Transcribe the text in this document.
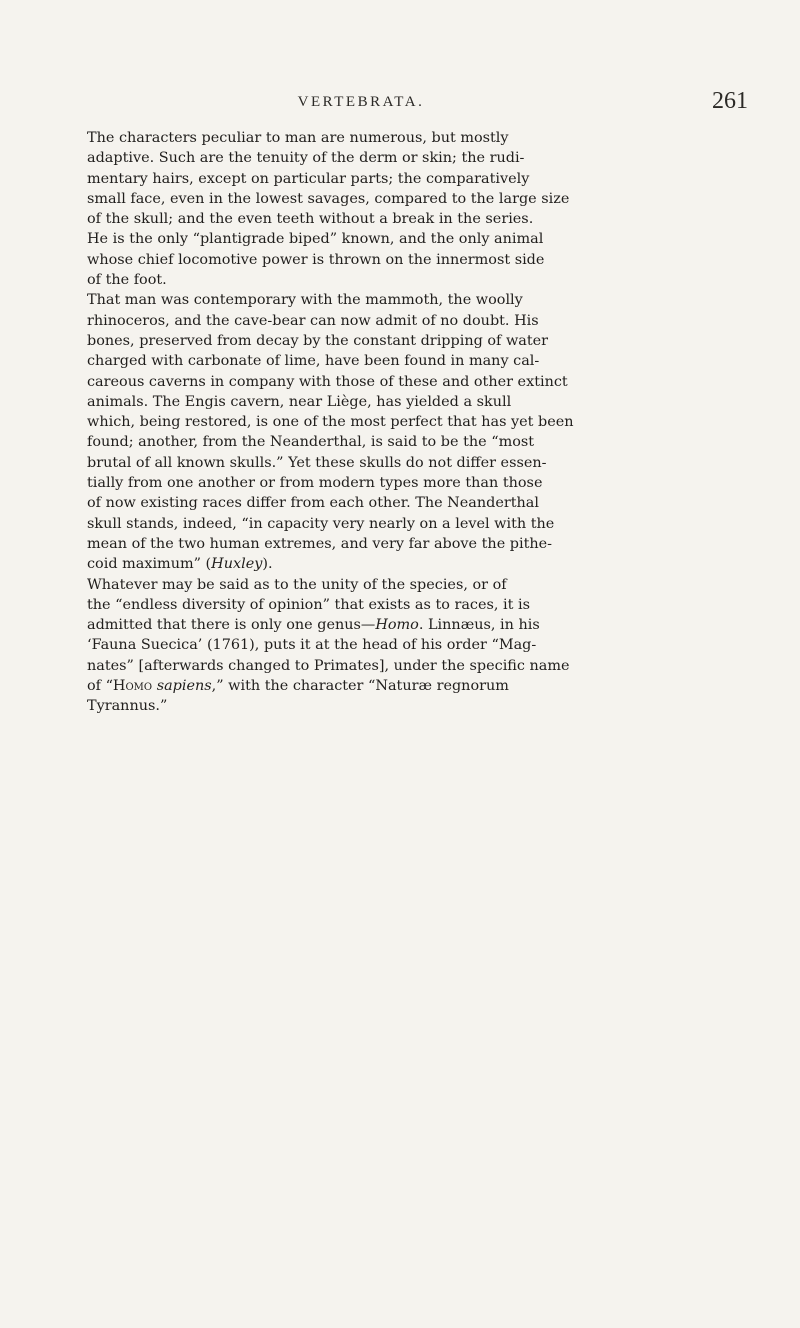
VERTEBRATA.	261

The characters peculiar to man are numerous, but mostly
adaptive. Such are the tenuity of the derm or skin; the rudi-
mentary hairs, except on particular parts; the comparatively
small face, even in the lowest savages, compared to the large size
of the skull; and the even teeth without a break in the series.
He is the only “plantigrade biped” known, and the only animal
whose chief locomotive power is thrown on the innermost side
of the foot.

That man was contemporary with the mammoth, the woolly
rhinoceros, and the cave-bear can now admit of no doubt. His
bones, preserved from decay by the constant dripping of water
charged with carbonate of lime, have been found in many cal-
careous caverns in company with those of these and other extinct
animals. The Engis cavern, near Liège, has yielded a skull
which, being restored, is one of the most perfect that has yet been
found; another, from the Neanderthal, is said to be the “most
brutal of all known skulls.” Yet these skulls do not differ essen-
tially from one another or from modern types more than those
of now existing races differ from each other. The Neanderthal
skull stands, indeed, “in capacity very nearly on a level with the
mean of the two human extremes, and very far above the pithe-
coid maximum” (Huxley).

Whatever may be said as to the unity of the species, or of
the “endless diversity of opinion” that exists as to races, it is
admitted that there is only one genus—Homo. Linnæus, in his
‘Fauna Suecica’ (1761), puts it at the head of his order “Mag-
nates” [afterwards changed to Primates], under the specific name
of “Homo sapiens,” with the character “Naturæ regnorum
Tyrannus.”
